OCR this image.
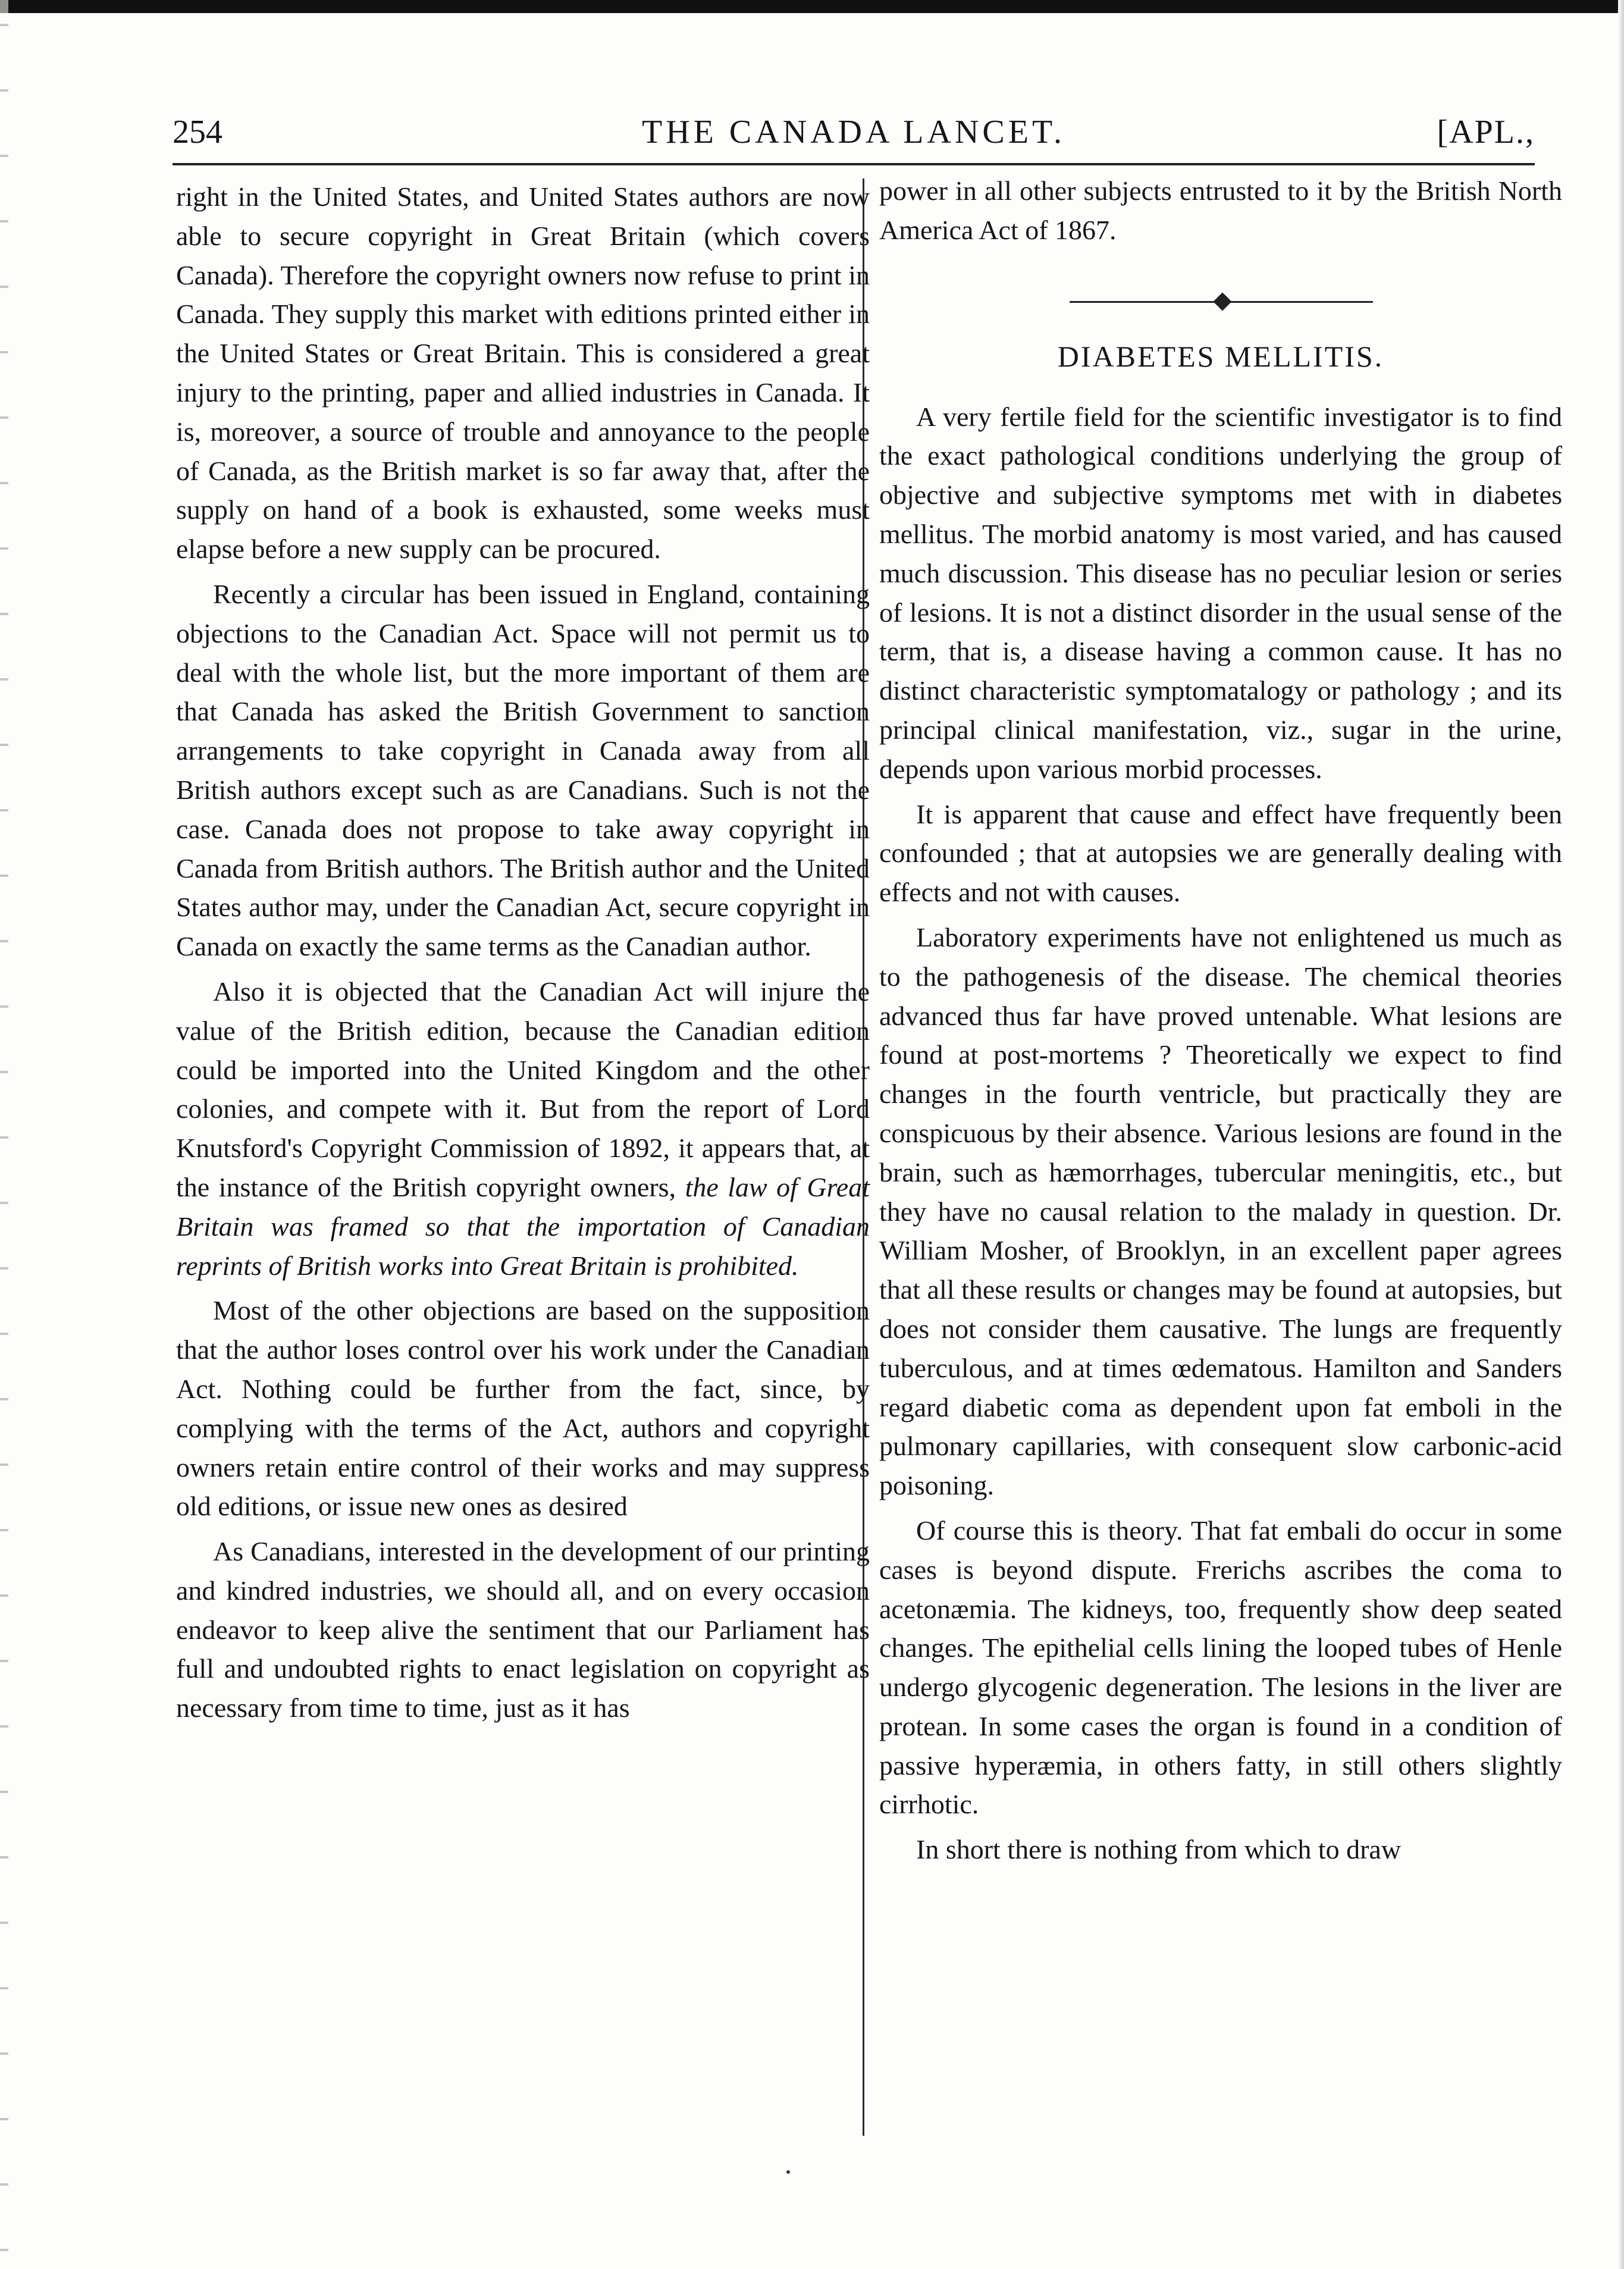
254	THE CANADA LANCET.	[APL.,

right in the United States, and United States authors are now able to secure copyright in Great Britain (which covers Canada). Therefore the copyright owners now refuse to print in Canada. They supply this market with editions printed either in the United States or Great Britain. This is considered a great injury to the printing, paper and allied industries in Canada. It is, moreover, a source of trouble and annoyance to the people of Canada, as the British market is so far away that, after the supply on hand of a book is exhausted, some weeks must elapse before a new supply can be procured.

Recently a circular has been issued in England, containing objections to the Canadian Act. Space will not permit us to deal with the whole list, but the more important of them are that Canada has asked the British Government to sanction arrangements to take copyright in Canada away from all British authors except such as are Canadians. Such is not the case. Canada does not propose to take away copyright in Canada from British authors. The British author and the United States author may, under the Canadian Act, secure copyright in Canada on exactly the same terms as the Canadian author.

Also it is objected that the Canadian Act will injure the value of the British edition, because the Canadian edition could be imported into the United Kingdom and the other colonies, and compete with it. But from the report of Lord Knutsford's Copyright Commission of 1892, it appears that, at the instance of the British copyright owners, the law of Great Britain was framed so that the importation of Canadian reprints of British works into Great Britain is prohibited.

Most of the other objections are based on the supposition that the author loses control over his work under the Canadian Act. Nothing could be further from the fact, since, by complying with the terms of the Act, authors and copyright owners retain entire control of their works and may suppress old editions, or issue new ones as desired

As Canadians, interested in the development of our printing and kindred industries, we should all, and on every occasion endeavor to keep alive the sentiment that our Parliament has full and undoubted rights to enact legislation on copyright as necessary from time to time, just as it has

power in all other subjects entrusted to it by the British North America Act of 1867.

DIABETES MELLITIS.

A very fertile field for the scientific investigator is to find the exact pathological conditions underlying the group of objective and subjective symptoms met with in diabetes mellitus. The morbid anatomy is most varied, and has caused much discussion. This disease has no peculiar lesion or series of lesions. It is not a distinct disorder in the usual sense of the term, that is, a disease having a common cause. It has no distinct characteristic symptomatalogy or pathology ; and its principal clinical manifestation, viz., sugar in the urine, depends upon various morbid processes.

It is apparent that cause and effect have frequently been confounded ; that at autopsies we are generally dealing with effects and not with causes.

Laboratory experiments have not enlightened us much as to the pathogenesis of the disease. The chemical theories advanced thus far have proved untenable. What lesions are found at post-mortems ? Theoretically we expect to find changes in the fourth ventricle, but practically they are conspicuous by their absence. Various lesions are found in the brain, such as hæmorrhages, tubercular meningitis, etc., but they have no causal relation to the malady in question. Dr. William Mosher, of Brooklyn, in an excellent paper agrees that all these results or changes may be found at autopsies, but does not consider them causative. The lungs are frequently tuberculous, and at times œdematous. Hamilton and Sanders regard diabetic coma as dependent upon fat emboli in the pulmonary capillaries, with consequent slow carbonic-acid poisoning.

Of course this is theory. That fat embali do occur in some cases is beyond dispute. Frerichs ascribes the coma to acetonæmia. The kidneys, too, frequently show deep seated changes. The epithelial cells lining the looped tubes of Henle undergo glycogenic degeneration. The lesions in the liver are protean. In some cases the organ is found in a condition of passive hyperæmia, in others fatty, in still others slightly cirrhotic.

In short there is nothing from which to draw
